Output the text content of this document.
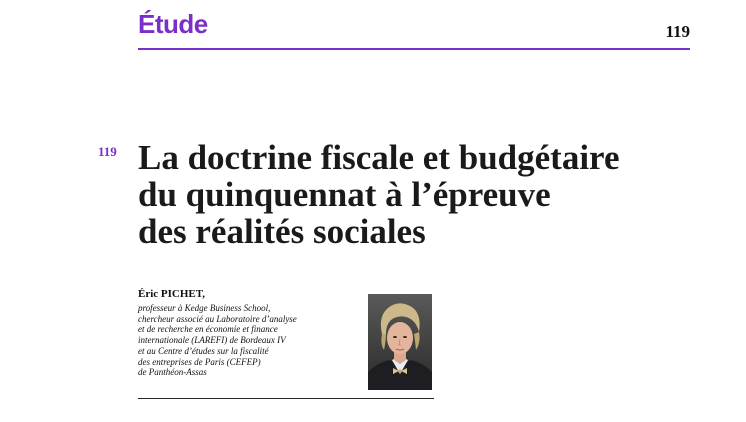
Étude	119
119 La doctrine fiscale et budgétaire
du quinquennat à l’épreuve
des réalités sociales
Éric PICHET,
professeur à Kedge Business School,
chercheur associé au Laboratoire d’analyse
et de recherche en économie et finance
internationale (LAREFI) de Bordeaux IV
et au Centre d’études sur la fiscalité
des entreprises de Paris (CEFEP)
de Panthéon-Assas
